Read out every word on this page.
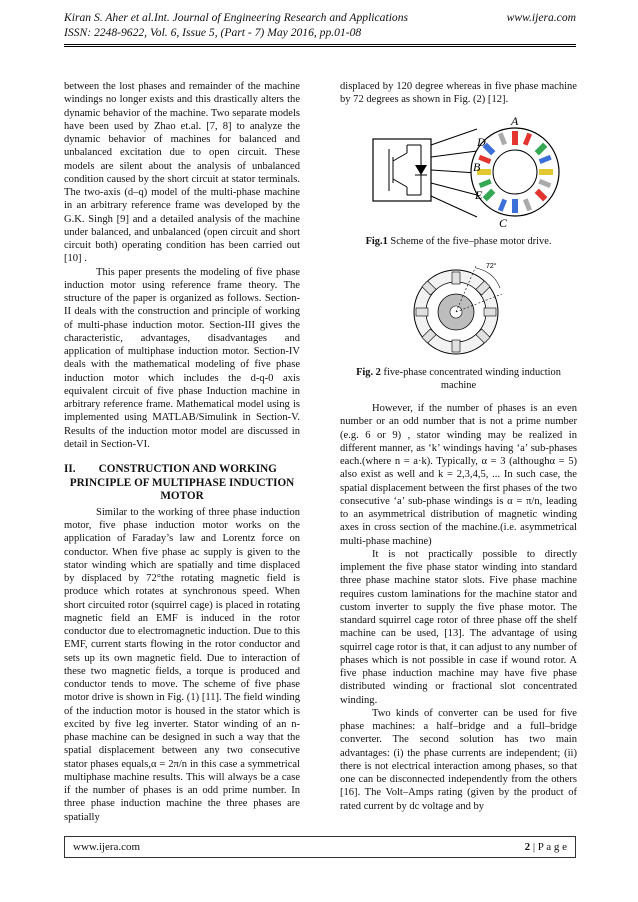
Kiran S. Aher et al.Int. Journal of Engineering Research and Applications	www.ijera.com
ISSN: 2248-9622, Vol. 6, Issue 5, (Part - 7) May 2016, pp.01-08

between the lost phases and remainder of the machine windings no longer exists and this drastically alters the dynamic behavior of the machine. Two separate models have been used by Zhao et.al. [7, 8] to analyze the dynamic behavior of machines for balanced and unbalanced excitation due to open circuit. These models are silent about the analysis of unbalanced condition caused by the short circuit at stator terminals. The two-axis (d–q) model of the multi-phase machine in an arbitrary reference frame was developed by the G.K. Singh [9] and a detailed analysis of the machine under balanced, and unbalanced (open circuit and short circuit both) operating condition has been carried out [10] .

This paper presents the modeling of five phase induction motor using reference frame theory. The structure of the paper is organized as follows. Section-II deals with the construction and principle of working of multi-phase induction motor. Section-III gives the characteristic, advantages, disadvantages and application of multiphase induction motor. Section-IV deals with the mathematical modeling of five phase induction motor which includes the d-q-0 axis equivalent circuit of five phase Induction machine in arbitrary reference frame. Mathematical model using is implemented using MATLAB/Simulink in Section-V. Results of the induction motor model are discussed in detail in Section-VI.

II. CONSTRUCTION AND WORKING PRINCIPLE OF MULTIPHASE INDUCTION MOTOR

Similar to the working of three phase induction motor, five phase induction motor works on the application of Faraday’s law and Lorentz force on conductor. When five phase ac supply is given to the stator winding which are spatially and time displaced by displaced by 72°the rotating magnetic field is produce which rotates at synchronous speed. When short circuited rotor (squirrel cage) is placed in rotating magnetic field an EMF is induced in the rotor conductor due to electromagnetic induction. Due to this EMF, current starts flowing in the rotor conductor and sets up its own magnetic field. Due to interaction of these two magnetic fields, a torque is produced and conductor tends to move. The scheme of five phase motor drive is shown in Fig. (1) [11]. The field winding of the induction motor is housed in the stator which is excited by five leg inverter. Stator winding of an n-phase machine can be designed in such a way that the spatial displacement between any two consecutive stator phases equals,α = 2π/n in this case a symmetrical multiphase machine results. This will always be a case if the number of phases is an odd prime number. In three phase induction machine the three phases are spatially

displaced by 120 degree whereas in five phase machine by 72 degrees as shown in Fig. (2) [12].

A
D
B
E
C
Fig.1 Scheme of the five–phase motor drive.
72°
Fig. 2 five-phase concentrated winding induction machine

However, if the number of phases is an even number or an odd number that is not a prime number (e.g. 6 or 9) , stator winding may be realized in different manner, as ‘k’ windings having ‘a’ sub-phases each.(where n = a·k). Typically, α = 3 (althoughα = 5) also exist as well and k = 2,3,4,5, ... In such case, the spatial displacement between the first phases of the two consecutive ‘a’ sub-phase windings is α = π/n, leading to an asymmetrical distribution of magnetic winding axes in cross section of the machine.(i.e. asymmetrical multi-phase machine)

It is not practically possible to directly implement the five phase stator winding into standard three phase machine stator slots. Five phase machine requires custom laminations for the machine stator and custom inverter to supply the five phase motor. The standard squirrel cage rotor of three phase off the shelf machine can be used, [13]. The advantage of using squirrel cage rotor is that, it can adjust to any number of phases which is not possible in case if wound rotor. A five phase induction machine may have five phase distributed winding or fractional slot concentrated winding.

Two kinds of converter can be used for five phase machines: a half–bridge and a full–bridge converter. The second solution has two main advantages: (i) the phase currents are independent; (ii) there is not electrical interaction among phases, so that one can be disconnected independently from the others [16]. The Volt–Amps rating (given by the product of rated current by dc voltage and by

www.ijera.com	2 | P a g e
